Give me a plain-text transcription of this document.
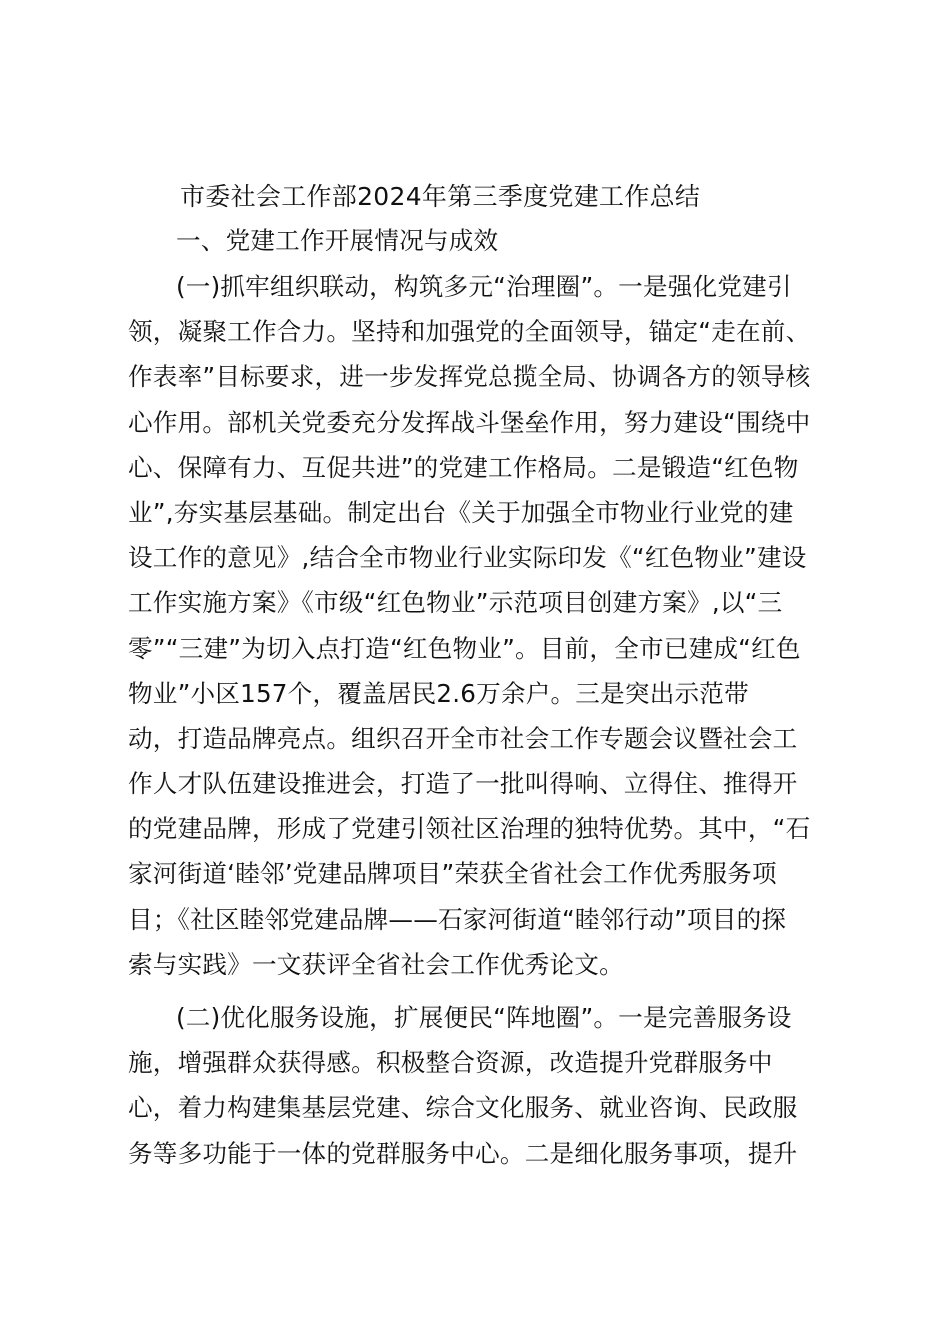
市委社会工作部2024年第三季度党建工作总结
一、党建工作开展情况与成效
(一)抓牢组织联动，构筑多元“治理圈”。一是强化党建引
领，凝聚工作合力。坚持和加强党的全面领导，锚定“走在前、
作表率”目标要求，进一步发挥党总揽全局、协调各方的领导核
心作用。部机关党委充分发挥战斗堡垒作用，努力建设“围绕中
心、保障有力、互促共进”的党建工作格局。二是锻造“红色物
业”,夯实基层基础。制定出台《关于加强全市物业行业党的建
设工作的意见》,结合全市物业行业实际印发《“红色物业”建设
工作实施方案》《市级“红色物业”示范项目创建方案》,以“三
零”“三建”为切入点打造“红色物业”。目前，全市已建成“红色
物业”小区157个，覆盖居民2.6万余户。三是突出示范带
动，打造品牌亮点。组织召开全市社会工作专题会议暨社会工
作人才队伍建设推进会，打造了一批叫得响、立得住、推得开
的党建品牌，形成了党建引领社区治理的独特优势。其中，“石
家河街道‘睦邻’党建品牌项目”荣获全省社会工作优秀服务项
目；《社区睦邻党建品牌——石家河街道“睦邻行动”项目的探
索与实践》一文获评全省社会工作优秀论文。
(二)优化服务设施，扩展便民“阵地圈”。一是完善服务设
施，增强群众获得感。积极整合资源，改造提升党群服务中
心，着力构建集基层党建、综合文化服务、就业咨询、民政服
务等多功能于一体的党群服务中心。二是细化服务事项，提升
